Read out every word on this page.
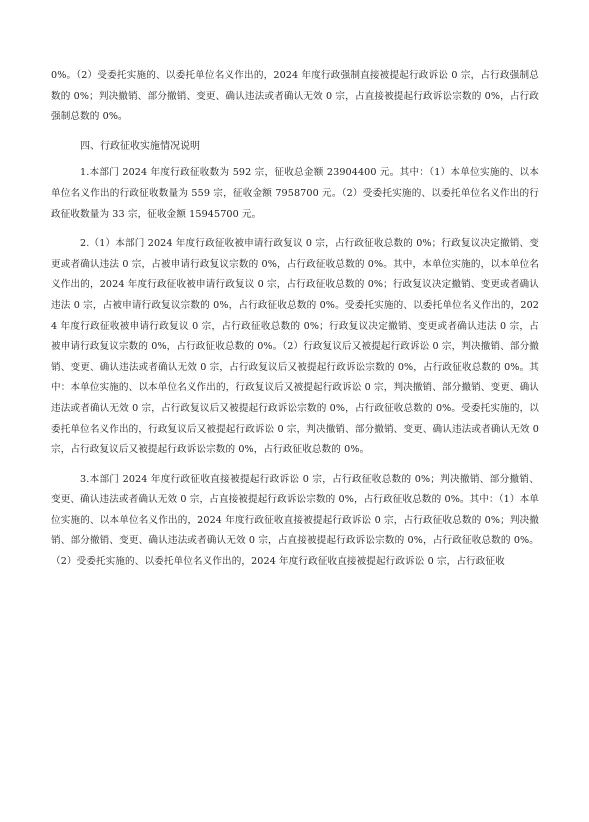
0%。（2）受委托实施的、以委托单位名义作出的，2024 年度行政强制直接被提起行政诉讼 0 宗，占行政强制总数的 0%；判决撤销、部分撤销、变更、确认违法或者确认无效 0 宗，占直接被提起行政诉讼宗数的 0%，占行政强制总数的 0%。

四、行政征收实施情况说明

1.本部门 2024 年度行政征收数为 592 宗，征收总金额 23904400 元。其中：（1）本单位实施的、以本单位名义作出的行政征收数量为 559 宗，征收金额 7958700 元。（2）受委托实施的、以委托单位名义作出的行政征收数量为 33 宗，征收金额 15945700 元。

2.（1）本部门 2024 年度行政征收被申请行政复议 0 宗，占行政征收总数的 0%；行政复议决定撤销、变更或者确认违法 0 宗，占被申请行政复议宗数的 0%，占行政征收总数的 0%。其中，本单位实施的，以本单位名义作出的，2024 年度行政征收被申请行政复议 0 宗，占行政征收总数的 0%；行政复议决定撤销、变更或者确认违法 0 宗，占被申请行政复议宗数的 0%，占行政征收总数的 0%。受委托实施的、以委托单位名义作出的，2024 年度行政征收被申请行政复议 0 宗，占行政征收总数的 0%；行政复议决定撤销、变更或者确认违法 0 宗，占被申请行政复议宗数的 0%，占行政征收总数的 0%。（2）行政复议后又被提起行政诉讼 0 宗，判决撤销、部分撤销、变更、确认违法或者确认无效 0 宗，占行政复议后又被提起行政诉讼宗数的 0%，占行政征收总数的 0%。其中：本单位实施的、以本单位名义作出的，行政复议后又被提起行政诉讼 0 宗，判决撤销、部分撤销、变更、确认违法或者确认无效 0 宗，占行政复议后又被提起行政诉讼宗数的 0%，占行政征收总数的 0%。受委托实施的，以委托单位名义作出的，行政复议后又被提起行政诉讼 0 宗，判决撤销、部分撤销、变更、确认违法或者确认无效 0 宗，占行政复议后又被提起行政诉讼宗数的 0%，占行政征收总数的 0%。

3.本部门 2024 年度行政征收直接被提起行政诉讼 0 宗，占行政征收总数的 0%；判决撤销、部分撤销、变更、确认违法或者确认无效 0 宗，占直接被提起行政诉讼宗数的 0%，占行政征收总数的 0%。其中：（1）本单位实施的、以本单位名义作出的，2024 年度行政征收直接被提起行政诉讼 0 宗，占行政征收总数的 0%；判决撤销、部分撤销、变更、确认违法或者确认无效 0 宗，占直接被提起行政诉讼宗数的 0%，占行政征收总数的 0%。（2）受委托实施的、以委托单位名义作出的，2024 年度行政征收直接被提起行政诉讼 0 宗，占行政征收
